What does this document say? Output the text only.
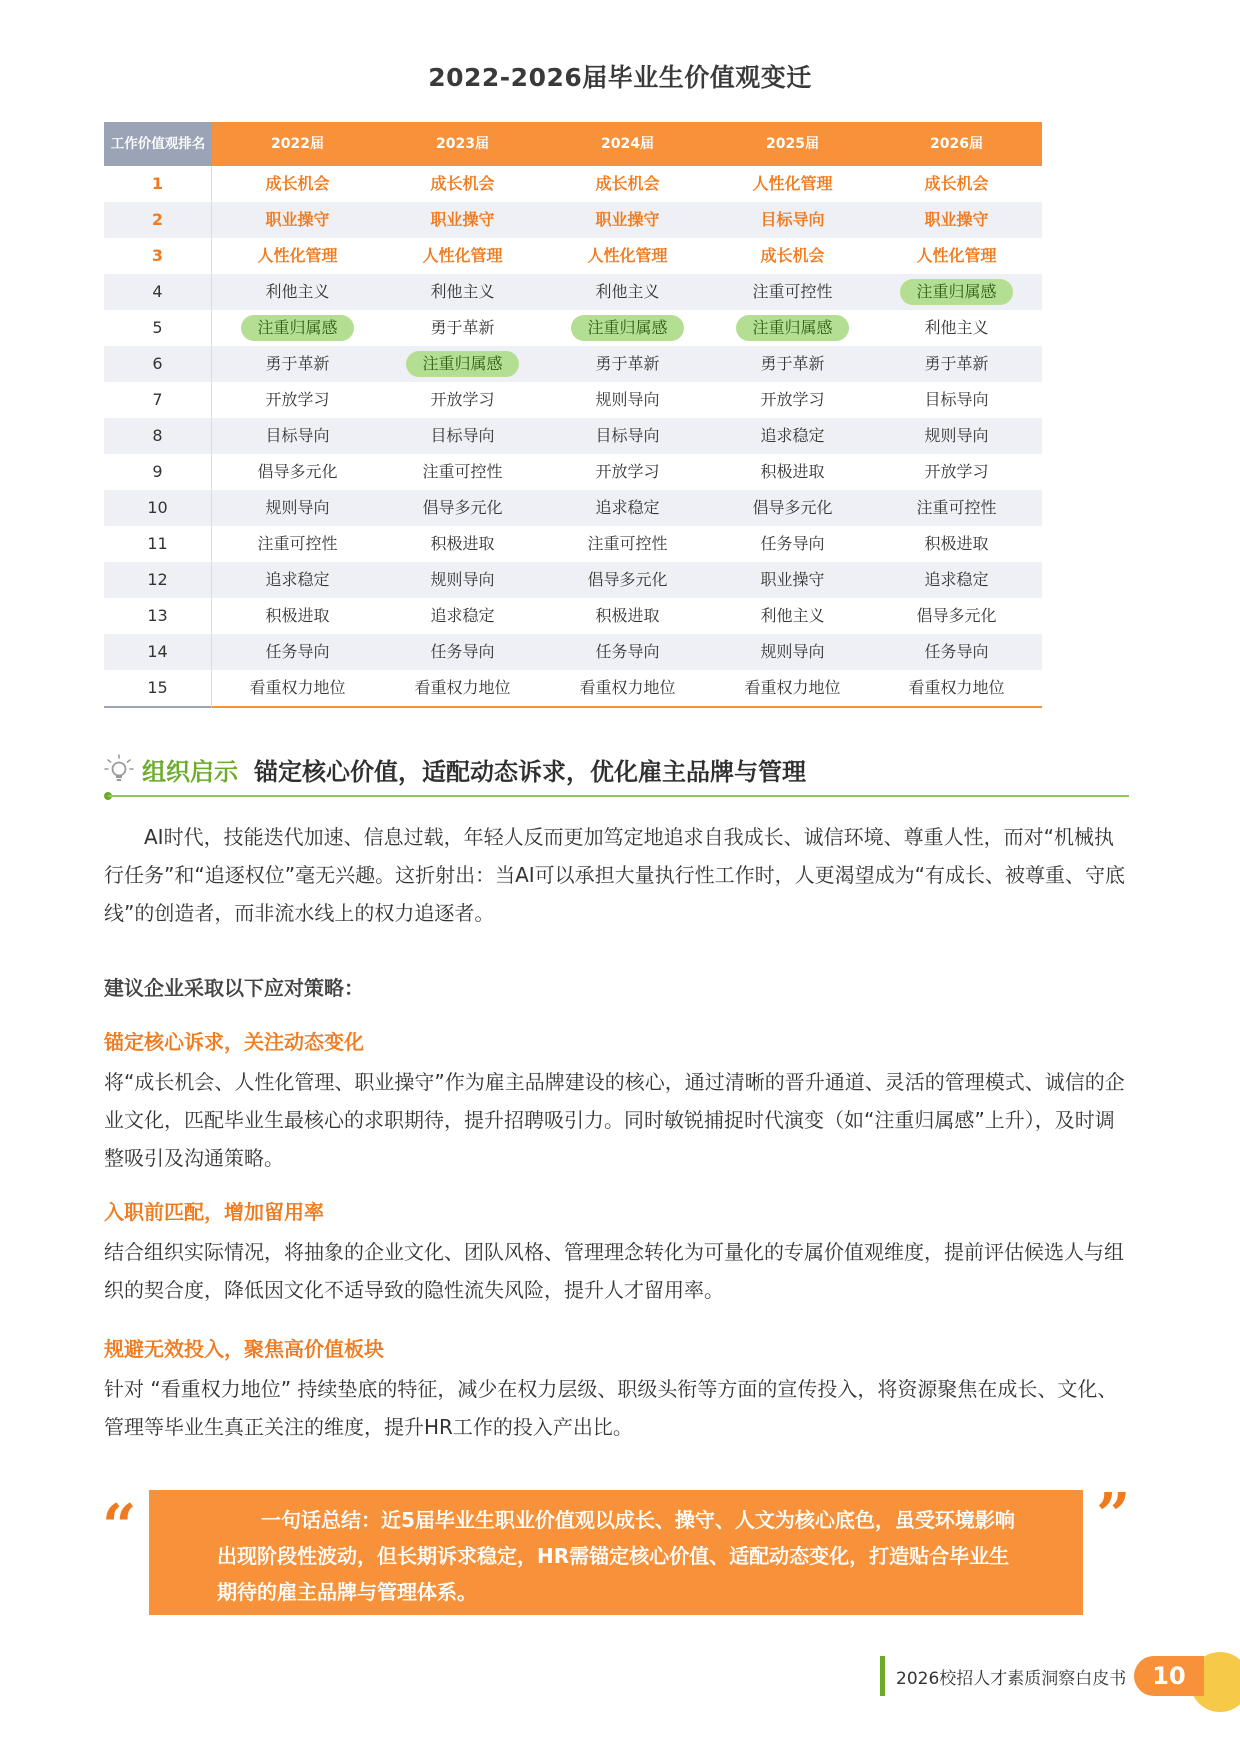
2022-2026届毕业生价值观变迁
工作价值观排名
1
2
3
4
5
6
7
8
9
10
11
12
13
14
15
2022届
成长机会
职业操守
人性化管理
利他主义
注重归属感
勇于革新
开放学习
目标导向
倡导多元化
规则导向
注重可控性
追求稳定
积极进取
任务导向
看重权力地位
2023届
成长机会
职业操守
人性化管理
利他主义
勇于革新
注重归属感
开放学习
目标导向
注重可控性
倡导多元化
积极进取
规则导向
追求稳定
任务导向
看重权力地位
2024届
成长机会
职业操守
人性化管理
利他主义
注重归属感
勇于革新
规则导向
目标导向
开放学习
追求稳定
注重可控性
倡导多元化
积极进取
任务导向
看重权力地位
2025届
人性化管理
目标导向
成长机会
注重可控性
注重归属感
勇于革新
开放学习
追求稳定
积极进取
倡导多元化
任务导向
职业操守
利他主义
规则导向
看重权力地位
2026届
成长机会
职业操守
人性化管理
注重归属感
利他主义
勇于革新
目标导向
规则导向
开放学习
注重可控性
积极进取
追求稳定
倡导多元化
任务导向
看重权力地位
组织启示 锚定核心价值，适配动态诉求，优化雇主品牌与管理
AI时代，技能迭代加速、信息过载，年轻人反而更加笃定地追求自我成长、诚信环境、尊重人性，而对“机械执行任务”和“追逐权位”毫无兴趣。这折射出：当AI可以承担大量执行性工作时，人更渴望成为“有成长、被尊重、守底线”的创造者，而非流水线上的权力追逐者。
建议企业采取以下应对策略：
锚定核心诉求，关注动态变化
将“成长机会、人性化管理、职业操守”作为雇主品牌建设的核心，通过清晰的晋升通道、灵活的管理模式、诚信的企业文化，匹配毕业生最核心的求职期待，提升招聘吸引力。同时敏锐捕捉时代演变（如“注重归属感”上升），及时调整吸引及沟通策略。
入职前匹配，增加留用率
结合组织实际情况，将抽象的企业文化、团队风格、管理理念转化为可量化的专属价值观维度，提前评估候选人与组织的契合度，降低因文化不适导致的隐性流失风险，提升人才留用率。
规避无效投入，聚焦高价值板块
针对 “看重权力地位” 持续垫底的特征，减少在权力层级、职级头衔等方面的宣传投入，将资源聚焦在成长、文化、管理等毕业生真正关注的维度，提升HR工作的投入产出比。
“	一句话总结：近5届毕业生职业价值观以成长、操守、人文为核心底色，虽受环境影响
出现阶段性波动，但长期诉求稳定，HR需锚定核心价值、适配动态变化，打造贴合毕业生
期待的雇主品牌与管理体系。
”
2026校招人才素质洞察白皮书	10
